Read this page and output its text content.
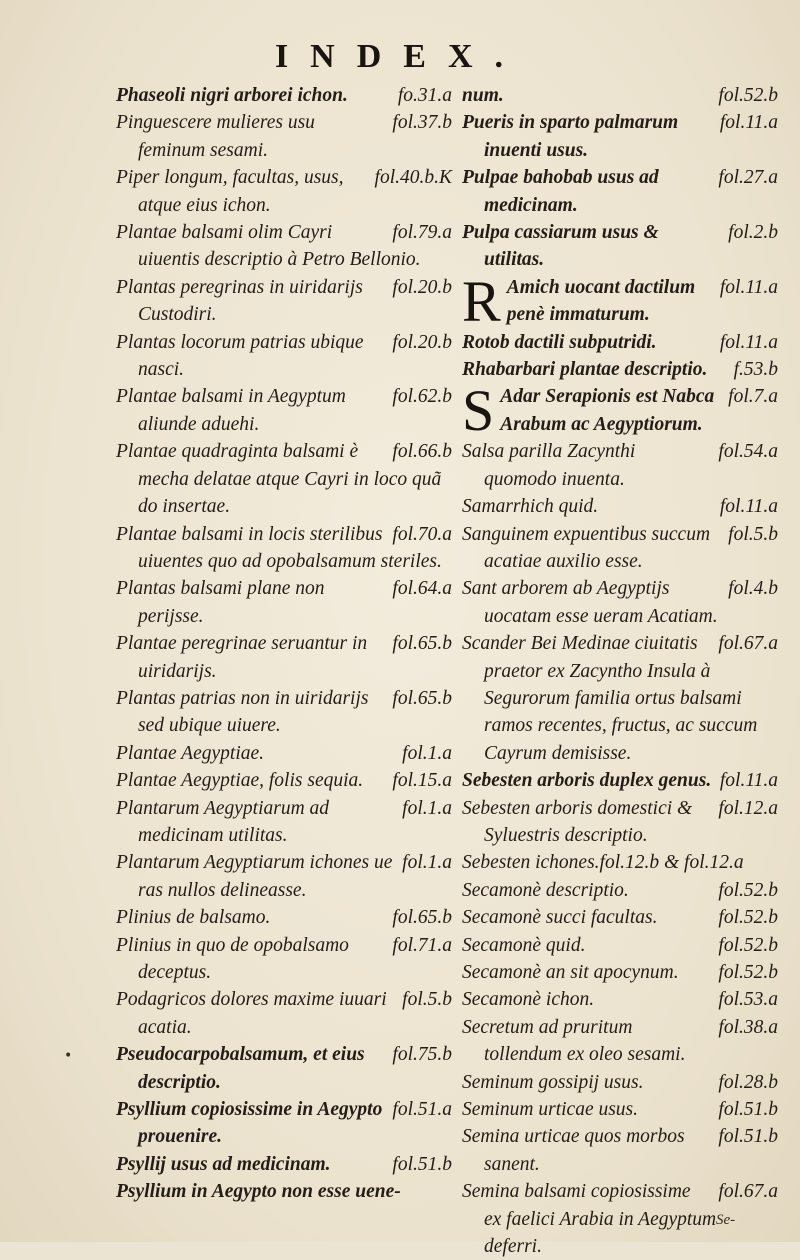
INDEX.

fo.31.a
Phaseoli nigri arborei ichon.

fol.37.b
Pinguescere mulieres usu feminum sesami.

fol.40.b.K
Piper longum, facultas, usus, atque eius ichon.

fol.79.a
Plantae balsami olim Cayri uiuentis descriptio à Petro Bellonio.

fol.20.b
Plantas peregrinas in uiridarijs Custodiri.

fol.20.b
Plantas locorum patrias ubique nasci.

fol.62.b
Plantae balsami in Aegyptum aliunde aduehi.

fol.66.b
Plantae quadraginta balsami è mecha delatae atque Cayri in loco quã do insertae.

fol.70.a
Plantae balsami in locis sterilibus uiuentes quo ad opobalsamum steriles.

fol.64.a
Plantas balsami plane non perijsse.

fol.65.b
Plantae peregrinae seruantur in uiridarijs.

fol.65.b
Plantas patrias non in uiridarijs sed ubique uiuere.

fol.1.a
Plantae Aegyptiae.

fol.15.a
Plantae Aegyptiae, folis sequia.

fol.1.a
Plantarum Aegyptiarum ad medicinam utilitas.

fol.1.a
Plantarum Aegyptiarum ichones ue ras nullos delineasse.

fol.65.b
Plinius de balsamo.

fol.71.a
Plinius in quo de opobalsamo deceptus.

fol.5.b
Podagricos dolores maxime iuuari acatia.

fol.75.b
Pseudocarpobalsamum, et eius descriptio.

fol.51.a
Psyllium copiosissime in Aegypto prouenire.

fol.51.b
Psyllij usus ad medicinam.

Psyllium in Aegypto non esse uene-

fol.52.b
num.

fol.11.a
Pueris in sparto palmarum inuenti usus.

fol.27.a
Pulpae bahobab usus ad medicinam.

fol.2.b
Pulpa cassiarum usus & utilitas.

R	fol.11.a
Amich uocant dactilum penè immaturum.

fol.11.a
Rotob dactili subputridi.

f.53.b
Rhabarbari plantae descriptio.

S	fol.7.a
Adar Serapionis est Nabca Arabum ac Aegyptiorum.

fol.54.a
Salsa parilla Zacynthi quomodo inuenta.

fol.11.a
Samarrhich quid.

fol.5.b
Sanguinem expuentibus succum acatiae auxilio esse.

fol.4.b
Sant arborem ab Aegyptijs uocatam esse ueram Acatiam.

fol.67.a
Scander Bei Medinae ciuitatis praetor ex Zacyntho Insula à Segurorum familia ortus balsami ramos recentes, fructus, ac succum Cayrum demisisse.

fol.11.a
Sebesten arboris duplex genus.

fol.12.a
Sebesten arboris domestici & Syluestris descriptio.

Sebesten ichones.fol.12.b & fol.12.a

fol.52.b
Secamonè descriptio.

fol.52.b
Secamonè succi facultas.

fol.52.b
Secamonè quid.

fol.52.b
Secamonè an sit apocynum.

fol.53.a
Secamonè ichon.

fol.38.a
Secretum ad pruritum tollendum ex oleo sesami.

fol.28.b
Seminum gossipij usus.

fol.51.b
Seminum urticae usus.

fol.51.b
Semina urticae quos morbos sanent.

fol.67.a
Semina balsami copiosissime ex faelici Arabia in Aegyptum deferri.

•
Se-
